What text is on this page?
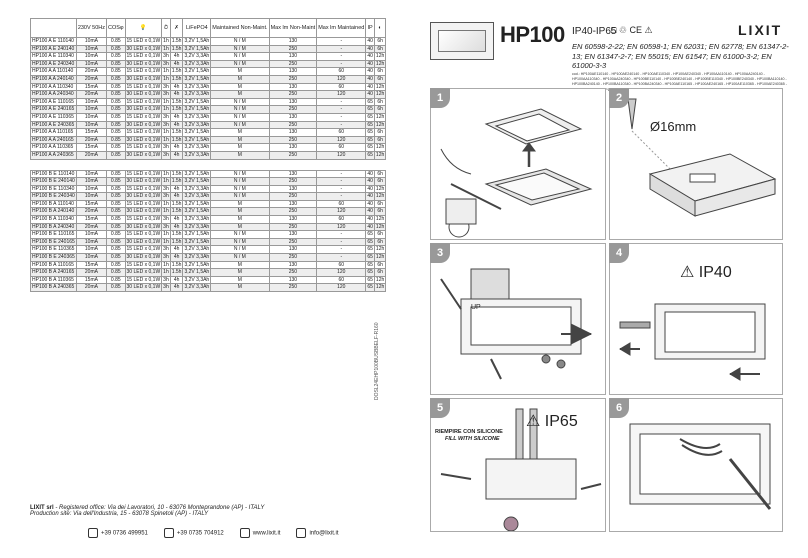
	230V 50Hz	COSφ	💡	⏱	✗	LiFePO4	Maintained Non-Maint.	Max lm Non-Maint	Max lm Maintained	IP	◐
HP100 A E 110140	10mA	0.85	15 LED x 0,1W	1h	1.5h	3,2V 1,5Ah	N / M	130	-	40	6h
HP100 A E 240140	10mA	0.85	30 LED x 0,1W	1h	1.5h	3,2V 1,5Ah	N / M	250	-	40	6h
HP100 A E 110340	10mA	0.85	15 LED x 0,1W	3h	4h	3,2V 3,3Ah	N / M	130	-	40	12h
HP100 A E 240340	10mA	0.85	30 LED x 0,1W	3h	4h	3,2V 3,3Ah	N / M	250	-	40	12h
HP100 A A 110140	20mA	0.85	15 LED x 0,1W	1h	1.5h	3,2V 1,5Ah	M	130	60	40	6h
HP100 A A 240140	20mA	0.85	30 LED x 0,1W	1h	1.5h	3,2V 1,5Ah	M	250	120	40	6h
HP100 A A 110340	15mA	0.85	15 LED x 0,1W	3h	4h	3,2V 3,3Ah	M	130	60	40	12h
HP100 A A 240340	20mA	0.85	30 LED x 0,1W	3h	4h	3,2V 3,3Ah	M	250	120	40	12h
HP100 A E 110165	10mA	0.85	15 LED x 0,1W	1h	1.5h	3,2V 1,5Ah	N / M	130	-	65	6h
HP100 A E 240165	10mA	0.85	30 LED x 0,1W	1h	1.5h	3,2V 1,5Ah	N / M	250	-	65	6h
HP100 A E 110365	10mA	0.85	15 LED x 0,1W	3h	4h	3,2V 3,3Ah	N / M	130	-	65	12h
HP100 A E 240365	10mA	0.85	30 LED x 0,1W	3h	4h	3,2V 3,3Ah	N / M	250	-	65	12h
HP100 A A 110165	15mA	0.85	15 LED x 0,1W	1h	1.5h	3,2V 1,5Ah	M	130	60	65	6h
HP100 A A 240165	20mA	0.85	30 LED x 0,1W	1h	1.5h	3,2V 1,5Ah	M	250	120	65	6h
HP100 A A 110365	15mA	0.85	15 LED x 0,1W	3h	4h	3,2V 3,3Ah	M	130	60	65	12h
HP100 A A 240365	20mA	0.85	30 LED x 0,1W	3h	4h	3,2V 3,3Ah	M	250	120	65	12h

HP100 B E 110140	10mA	0.85	15 LED x 0,1W	1h	1.5h	3,2V 1,5Ah	N / M	130	-	40	6h
HP100 B E 240140	10mA	0.85	30 LED x 0,1W	1h	1.5h	3,2V 1,5Ah	N / M	250	-	40	6h
HP100 B E 110340	10mA	0.85	15 LED x 0,1W	3h	4h	3,2V 3,3Ah	N / M	130	-	40	12h
HP100 B E 240340	10mA	0.85	30 LED x 0,1W	3h	4h	3,2V 3,3Ah	N / M	250	-	40	12h
HP100 B A 110140	15mA	0.85	15 LED x 0,1W	1h	1.5h	3,2V 1,5Ah	M	130	60	40	6h
HP100 B A 240140	20mA	0.85	30 LED x 0,1W	1h	1.5h	3,2V 1,5Ah	M	250	120	40	6h
HP100 B A 110340	15mA	0.85	15 LED x 0,1W	3h	4h	3,2V 3,3Ah	M	130	60	40	12h
HP100 B A 240340	20mA	0.85	30 LED x 0,1W	3h	4h	3,2V 3,3Ah	M	250	120	40	12h
HP100 B E 110165	10mA	0.85	15 LED x 0,1W	1h	1.5h	3,2V 1,5Ah	N / M	130	-	65	6h
HP100 B E 240165	10mA	0.85	30 LED x 0,1W	1h	1.5h	3,2V 1,5Ah	N / M	250	-	65	6h
HP100 B E 110365	10mA	0.85	15 LED x 0,1W	3h	4h	3,2V 3,3Ah	N / M	130	-	65	12h
HP100 B E 240365	10mA	0.85	30 LED x 0,1W	3h	4h	3,2V 3,3Ah	N / M	250	-	65	12h
HP100 B A 110165	15mA	0.85	15 LED x 0,1W	1h	1.5h	3,2V 1,5Ah	M	130	60	65	6h
HP100 B A 240165	20mA	0.85	30 LED x 0,1W	1h	1.5h	3,2V 1,5Ah	M	250	120	65	6h
HP100 B A 110365	15mA	0.85	15 LED x 0,1W	3h	4h	3,2V 3,3Ah	M	130	60	65	12h
HP100 B A 240365	20mA	0.85	30 LED x 0,1W	3h	4h	3,2V 3,3Ah	M	250	120	65	12h
DOSL24EHP100BUSBBELF-R160
LIXIT srl - Registered office: Via dei Lavoratori, 10 - 63076 Monteprandone (AP) - ITALY
Production site: Via dell'Industria, 15 - 63078 Spinetoli (AP) - ITALY
+39 0736 499951	+39 0735 704912	www.lixit.it	info@lixit.it
HP100 IP40-IP65
□ ♲ CE ⚠	LIXIT
EN 60598-2-22; EN 60598-1; EN 62031; EN 62778; EN 61347-2-13; EN 61347-2-7; EN 55015; EN 61547; EN 61000-3-2; EN 61000-3-3
cod.: HP100AE110140 - HP100AE240140 - HP100AE110340 - HP100AE240340 - HP100AA110140 - HP100AA240140 - HP100AA110340 - HP100AA240340 - HP100BE110140 - HP100BE240140 - HP100BE110340 - HP100BE240340 - HP100BA110140 - HP100BA240140 - HP100BA110340 - HP100BA240340 - HP100AE110165 - HP100AE240165 - HP100AE110365 - HP100AE240365 -
1	2
Ø16mm
3
UP
4
⚠ IP40
5
⚠ IP65
RIEMPIRE CON SILICONE
FILL WITH SILICONE
6
